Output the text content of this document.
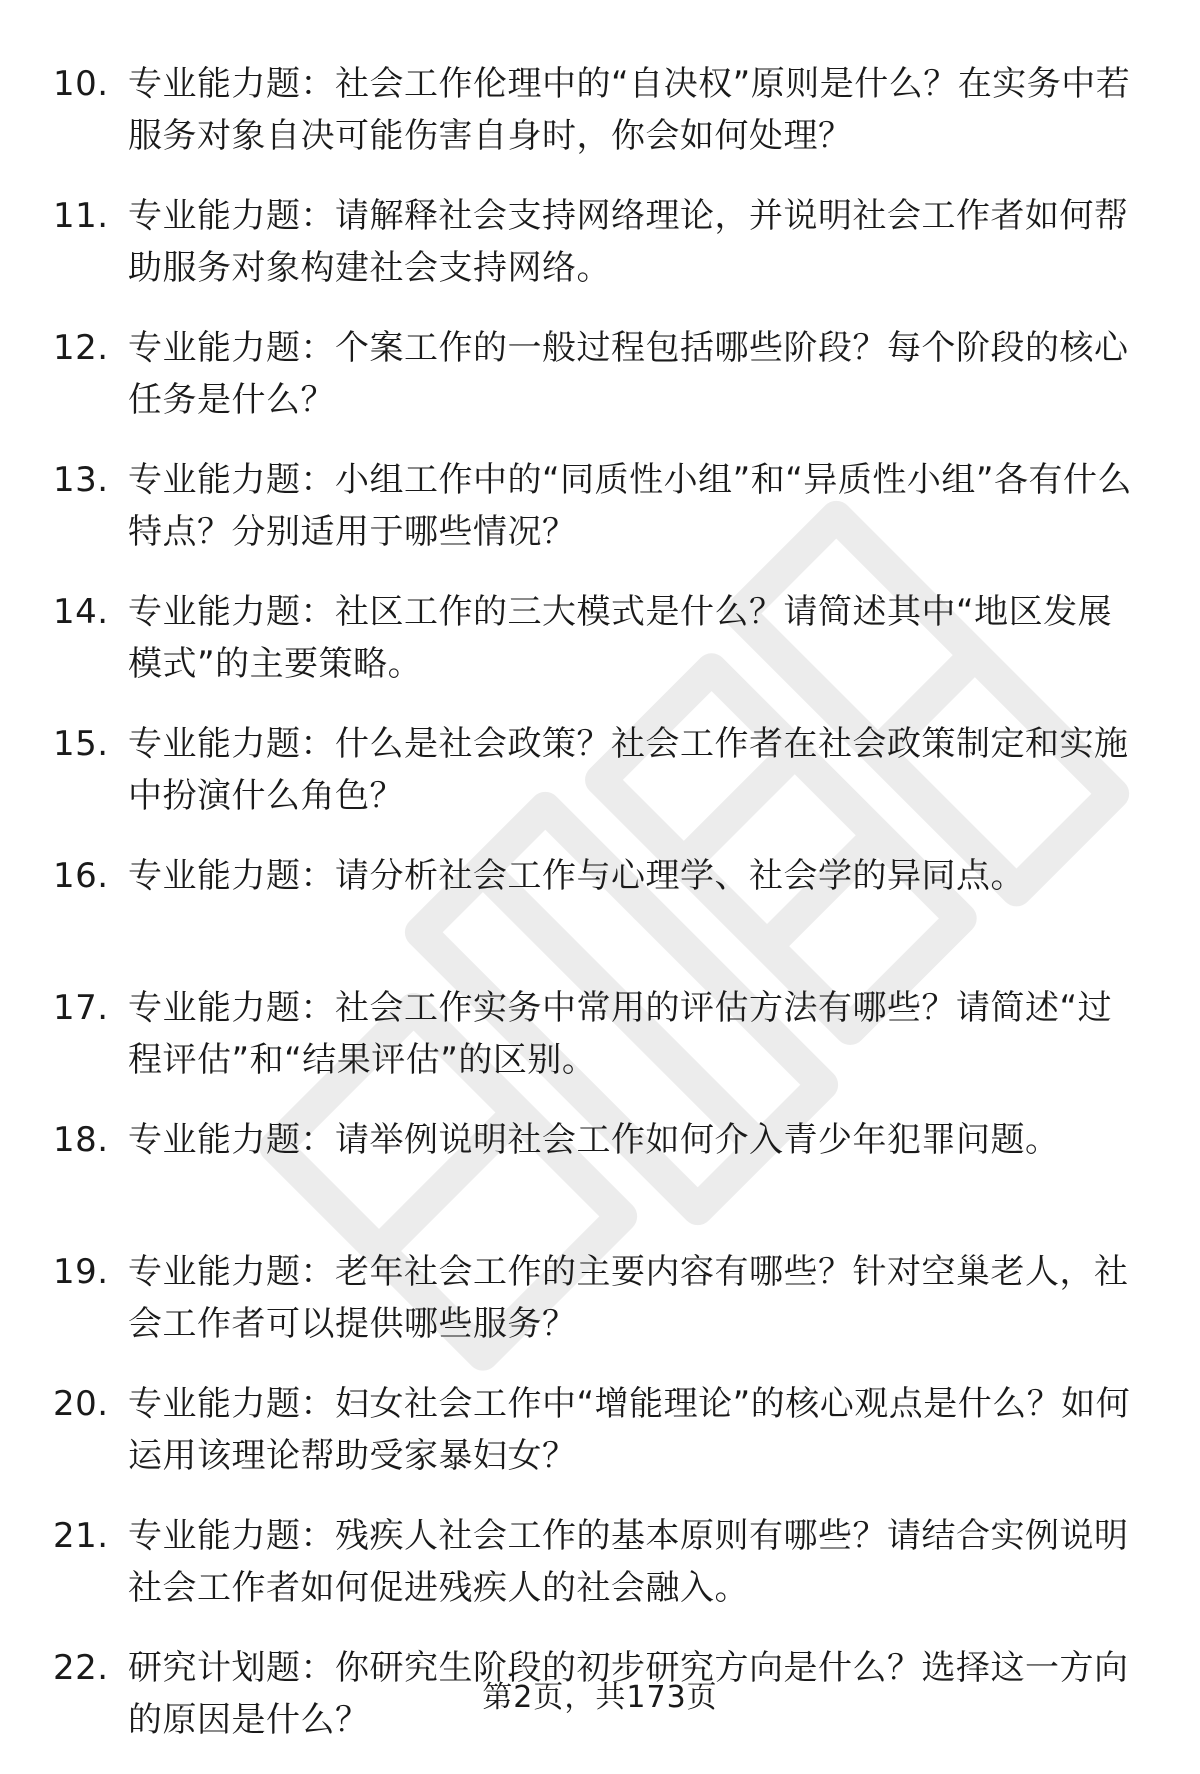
10. 专业能力题：社会工作伦理中的“自决权”原则是什么？在实务中若服务对象自决可能伤害自身时，你会如何处理？
11. 专业能力题：请解释社会支持网络理论，并说明社会工作者如何帮助服务对象构建社会支持网络。
12. 专业能力题：个案工作的一般过程包括哪些阶段？每个阶段的核心任务是什么？
13. 专业能力题：小组工作中的“同质性小组”和“异质性小组”各有什么特点？分别适用于哪些情况？
14. 专业能力题：社区工作的三大模式是什么？请简述其中“地区发展模式”的主要策略。
15. 专业能力题：什么是社会政策？社会工作者在社会政策制定和实施中扮演什么角色？
16. 专业能力题：请分析社会工作与心理学、社会学的异同点。
17. 专业能力题：社会工作实务中常用的评估方法有哪些？请简述“过程评估”和“结果评估”的区别。
18. 专业能力题：请举例说明社会工作如何介入青少年犯罪问题。
19. 专业能力题：老年社会工作的主要内容有哪些？针对空巢老人，社会工作者可以提供哪些服务？
20. 专业能力题：妇女社会工作中“增能理论”的核心观点是什么？如何运用该理论帮助受家暴妇女？
21. 专业能力题：残疾人社会工作的基本原则有哪些？请结合实例说明社会工作者如何促进残疾人的社会融入。
22. 研究计划题：你研究生阶段的初步研究方向是什么？选择这一方向的原因是什么？
第2页，共173页
